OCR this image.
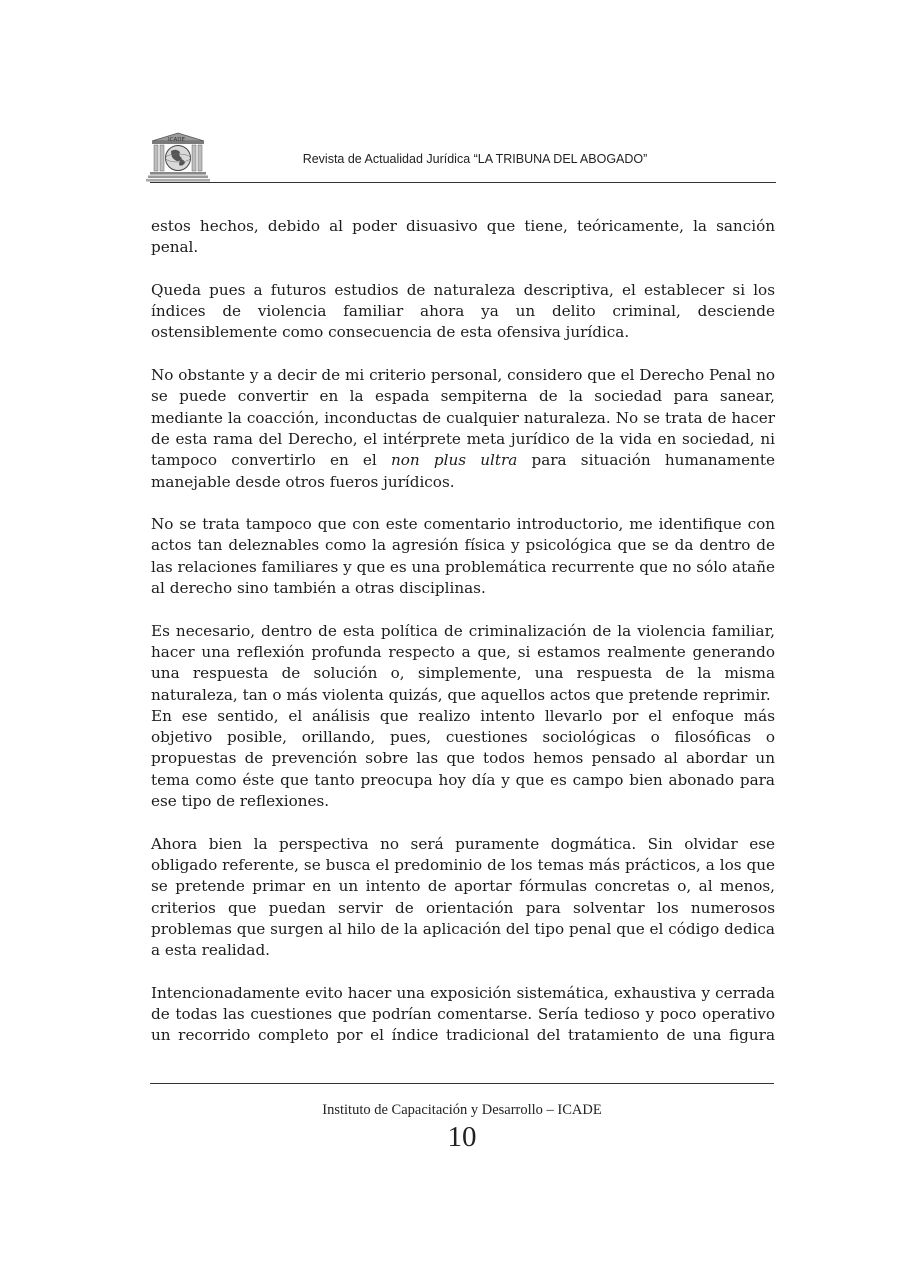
ICADE
Revista de Actualidad Jurídica “LA TRIBUNA DEL ABOGADO”

estos hechos, debido al poder disuasivo que tiene, teóricamente, la sanción penal.

Queda pues a futuros estudios de naturaleza descriptiva, el establecer si los índices de violencia familiar ahora ya un delito criminal, desciende ostensiblemente como consecuencia de esta ofensiva jurídica.

No obstante y a decir de mi criterio personal, considero que el Derecho Penal no se puede convertir en la espada sempiterna de la sociedad para sanear, mediante la coacción, inconductas de cualquier naturaleza. No se trata de hacer de esta rama del Derecho, el intérprete meta jurídico de la vida en sociedad, ni tampoco convertirlo en el non plus ultra para situación humanamente manejable desde otros fueros jurídicos.

No se trata tampoco que con este comentario introductorio, me identifique con actos tan deleznables como la agresión física y psicológica que se da dentro de las relaciones familiares y que es una problemática recurrente que no sólo atañe al derecho sino también a otras disciplinas.

Es necesario, dentro de esta política de criminalización de la violencia familiar, hacer una reflexión profunda respecto a que, si estamos realmente generando una respuesta de solución o, simplemente, una respuesta de la misma naturaleza, tan o más violenta quizás, que aquellos actos que pretende reprimir.

En ese sentido, el análisis que realizo intento llevarlo por el enfoque más objetivo posible, orillando, pues, cuestiones sociológicas o filosóficas o propuestas de prevención sobre las que todos hemos pensado al abordar un tema como éste que tanto preocupa hoy día y que es campo bien abonado para ese tipo de reflexiones.

Ahora bien la perspectiva no será puramente dogmática. Sin olvidar ese obligado referente, se busca el predominio de los temas más prácticos, a los que se pretende primar en un intento de aportar fórmulas concretas o, al menos, criterios que puedan servir de orientación para solventar los numerosos problemas que surgen al hilo de la aplicación del tipo penal que el código dedica a esta realidad.

Intencionadamente evito hacer una exposición sistemática, exhaustiva y cerrada de todas las cuestiones que podrían comentarse. Sería tedioso y poco operativo un recorrido completo por el índice tradicional del tratamiento de una figura

Instituto de Capacitación y Desarrollo – ICADE
10
